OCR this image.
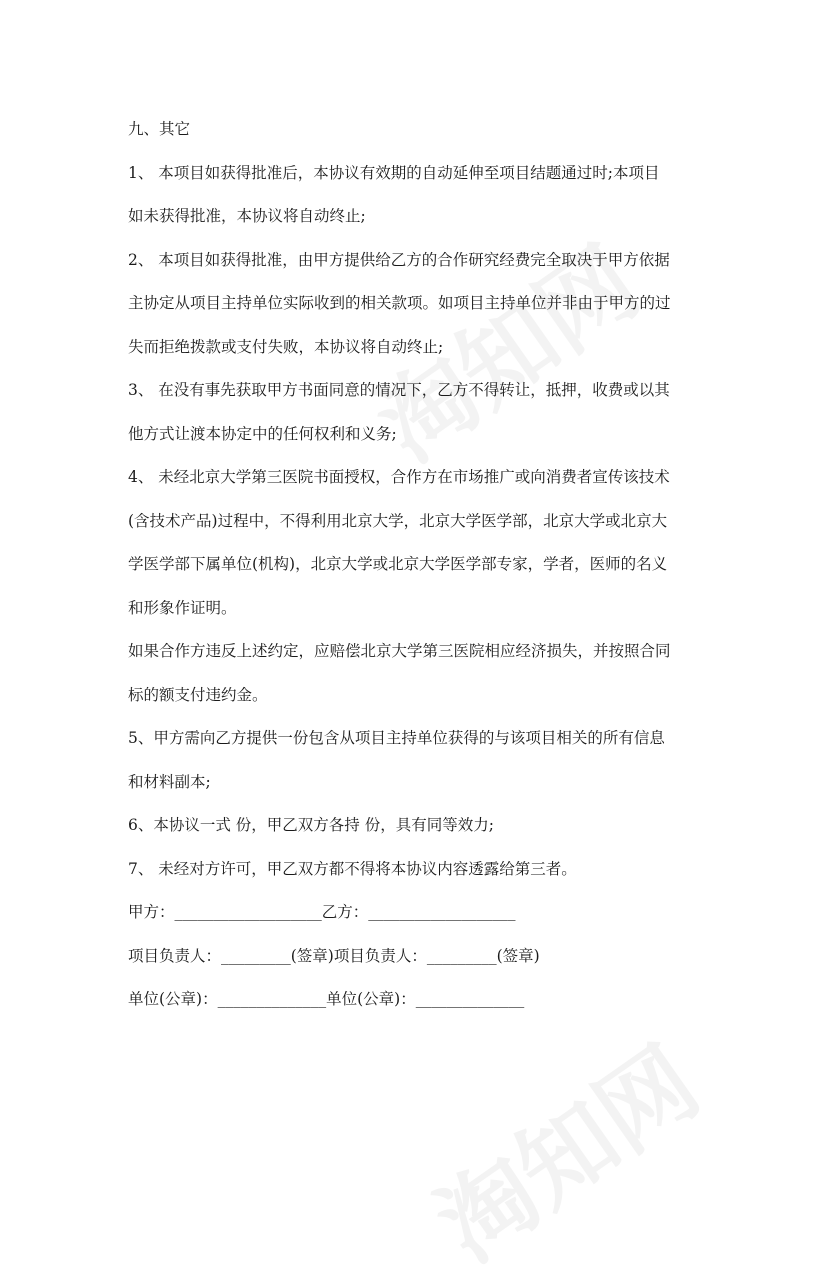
九、其它
1、 本项目如获得批准后，本协议有效期的自动延伸至项目结题通过时;本项目
如未获得批准，本协议将自动终止;
2、 本项目如获得批准，由甲方提供给乙方的合作研究经费完全取决于甲方依据
主协定从项目主持单位实际收到的相关款项。如项目主持单位并非由于甲方的过
失而拒绝拨款或支付失败，本协议将自动终止;
3、 在没有事先获取甲方书面同意的情况下，乙方不得转让，抵押，收费或以其
他方式让渡本协定中的任何权利和义务;
4、 未经北京大学第三医院书面授权，合作方在市场推广或向消费者宣传该技术
(含技术产品)过程中，不得利用北京大学，北京大学医学部，北京大学或北京大
学医学部下属单位(机构)，北京大学或北京大学医学部专家，学者，医师的名义
和形象作证明。
如果合作方违反上述约定，应赔偿北京大学第三医院相应经济损失，并按照合同
标的额支付违约金。
5、甲方需向乙方提供一份包含从项目主持单位获得的与该项目相关的所有信息
和材料副本;
6、本协议一式 份，甲乙双方各持 份，具有同等效力;
7、 未经对方许可，甲乙双方都不得将本协议内容透露给第三者。
甲方：___________________乙方：___________________
项目负责人：_________(签章)项目负责人：_________(签章)
单位(公章)：______________单位(公章)：______________
